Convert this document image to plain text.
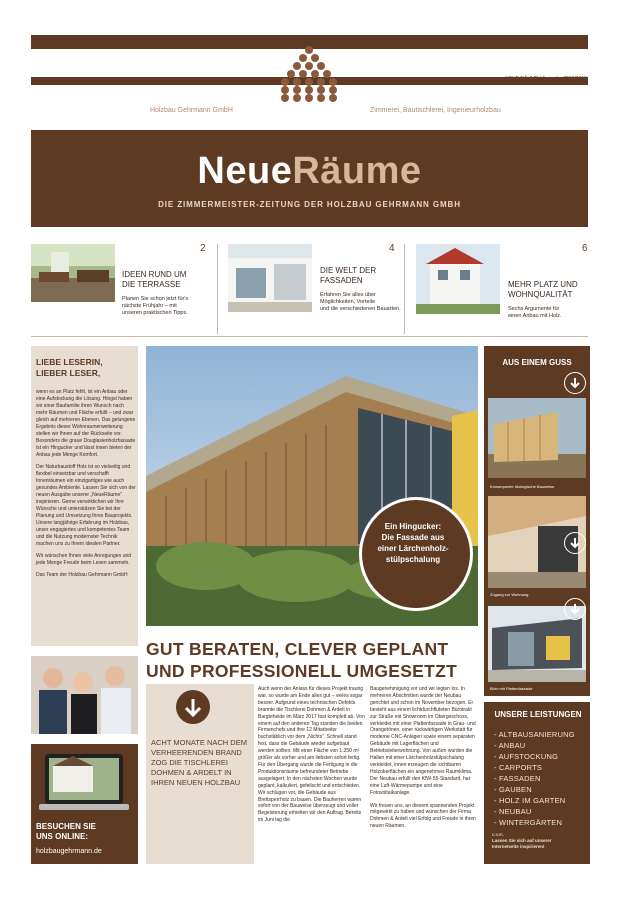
NEUE RÄUME | Ausgabe 2018/2019
Holzbau Gehrmann GmbH	Zimmerei, Bautischlerei, Ingenieurholzbau
NeueRäume
DIE ZIMMERMEISTER-ZEITUNG DER HOLZBAU GEHRMANN GMBH
2
IDEEN RUND UM
DIE TERRASSE
Planen Sie schon jetzt für's
nächste Frühjahr – mit
unseren praktischen Tipps.
4
DIE WELT DER
FASSADEN
Erfahren Sie alles über
Möglichkeiten, Vorteile
und die verschiedenen Bauarten.
6
MEHR PLATZ UND
WOHNQUALITÄT
Sechs Argumente für
einen Anbau mit Holz.
LIEBE LESERIN,
LIEBER LESER,
wenn es an Platz fehlt, ist ein Anbau oder eine Aufstockung die Lösung. Hingst haben wir einer Baufamilie ihren Wunsch nach mehr Räumen und Fläche erfüllt – und zwar gleich auf mehreren Ebenen. Das gelungene Ergebnis dieser Wohnraumerweiterung stellen wir Ihnen auf der Rückseite vor. Besonders die graue Douglasienholzfassade ist ein Hingucker und lässt innen bieten der Anbau jede Menge Komfort.
Der Naturbaustoff Holz ist so vielseitig und flexibel einsetzbar und verschafft Innenräumen ein einzigartiges wie auch gesundes Ambiente. Lassen Sie sich von der neuen Ausgabe unserer „NeueRäume“ inspirieren. Gerne verwirklichen wir Ihre Wünsche und unterstützen Sie bei der Planung und Umsetzung Ihres Bauprojekts. Unsere langjährige Erfahrung im Holzbau, unser engagiertes und kompetentes Team und die Nutzung modernster Technik machen uns zu Ihrem idealen Partner.
Wir wünschen Ihnen viele Anregungen und jede Menge Freude beim Lesen sammeln.
Das Team der Holzbau Gehrmann GmbH
BESUCHEN SIE
UNS ONLINE:
holzbaugehrmann.de
Ein Hingucker:
Die Fassade aus
einer Lärchenholz-
stülpschalung
GUT BERATEN, CLEVER GEPLANT
UND PROFESSIONELL UMGESETZT
ACHT MONATE NACH DEM VERHEERENDEN BRAND ZOG DIE TISCHLEREI DOHMEN & ARDELT IN IHREN NEUEN HOLZBAU
Auch wenn der Anlass für dieses Projekt traurig war, so wurde am Ende alles gut – vieles sogar besser. Aufgrund eines technischen Defekts brannte die Tischlerei Dohmen & Ardelt in Bargteheide im März 2017 fast komplett ab. Von einem auf den anderen Tag standen die beiden Firmenchefs und ihre 12 Mitarbeiter buchstäblich vor dem „Nichts“. Schnell stand fest, dass die Gebäude wieder aufgebaut werden sollten. Mit einer Fläche von 1.250 m² größer als vorher und am liebsten sofort fertig. Für den Übergang wurde die Fertigung in die Produktionsräume befreundeter Betriebe ausgelagert. In den nächsten Wochen wurde geplant, kalkuliert, gefeilscht und entschieden. Wir schlugen vor, die Gebäude aus Brettsperrholz zu bauen. Die Bauherren waren sofort von der Bauweise überzeugt und voller Begeisterung erhielten wir den Auftrag. Bereits im Juni lag die
Baugenehmigung vor und wir legten los. In mehreren Abschnitten wurde der Neubau gerichtet und schon im November bezogen. Er besteht aus einem lichtdurchfluteten Bürotrakt zur Straße mit Showroom im Obergeschoss, verkleidet mit einer Plattenfassade in Grau- und Orangetönen, einer rückwärtigen Werkstatt für moderne CNC-Anlagen sowie einem separaten Gebäude mit Lagerflächen und Betriebsleiterwohnung. Von außen wurden die Hallen mit einer Lärchenholzstülpschalung verkleidet, innen erzeugen die sichtbaren Holzoberflächen ein angenehmes Raumklima. Der Neubau erfüllt den KfW-55-Standard, hat eine Luft-Wärmepumpe und eine Fotovoltaikanlage.
Wir freuen uns, an diesem spannenden Projekt mitgewirkt zu haben und wünschen der Firma Dohmen & Ardelt viel Erfolg und Freude in ihren neuen Räumen.
AUS EINEM GUSS
Konsequente ökologische Bauweise.
Zugang zur Wohnung.
Büro mit Plattenfassade
UNSERE LEISTUNGEN
- ALTBAUSANIERUNG
- ANBAU
- AUFSTOCKUNG
- CARPORTS
- FASSADEN
- GAUBEN
- HOLZ IM GARTEN
- NEUBAU
- WINTERGÄRTEN
u.v.m.
Lassen Sie sich auf unserer
Internetseite inspirieren!
